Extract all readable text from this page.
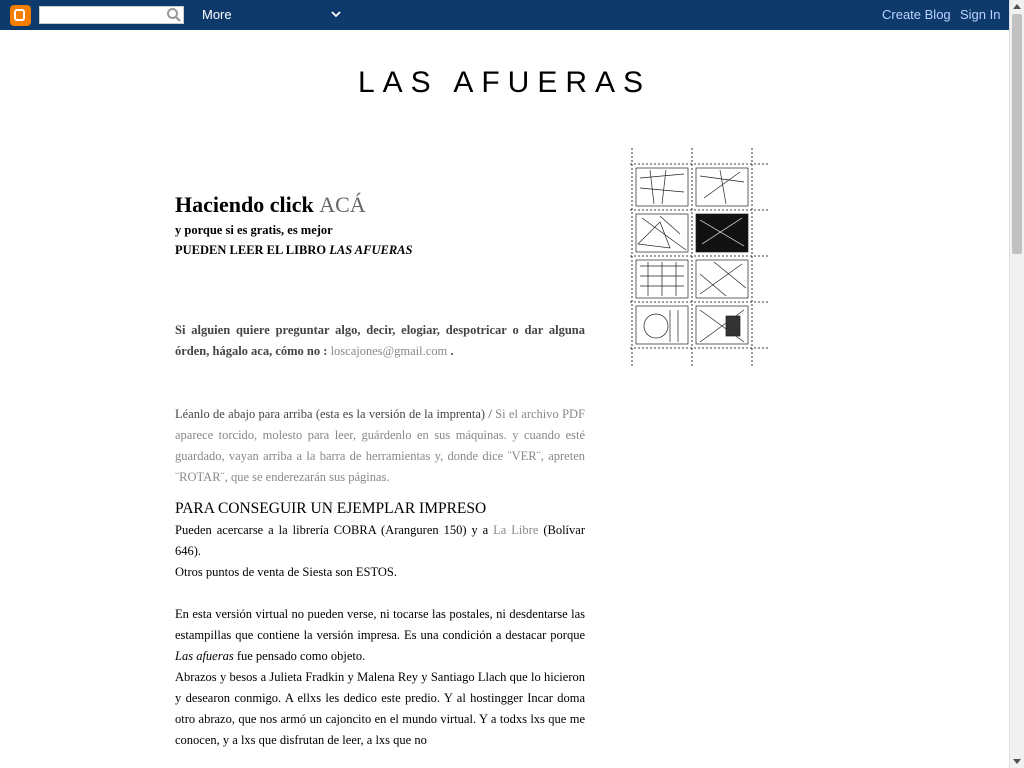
More	Create Blog Sign In
LAS AFUERAS
Haciendo click ACÁ
y porque si es gratis, es mejor
PUEDEN LEER EL LIBRO LAS AFUERAS

Si alguien quiere preguntar algo, decir, elogiar, despotricar o dar alguna órden, hágalo aca, cómo no : loscajones@gmail.com .

Léanlo de abajo para arriba (esta es la versión de la imprenta) / Si el archivo PDF aparece torcido, molesto para leer, guárdenlo en sus máquinas. y cuando esté guardado, vayan arriba a la barra de herramientas y, donde dice ¨VER¨, apreten ¨ROTAR¨, que se enderezarán sus páginas.

PARA CONSEGUIR UN EJEMPLAR IMPRESO

Pueden acercarse a la librería COBRA (Aranguren 150) y a La Libre (Bolívar 646).

Otros puntos de venta de Siesta son ESTOS.

En esta versión virtual no pueden verse, ni tocarse las postales, ni desdentarse las estampillas que contiene la versión impresa. Es una condición a destacar porque Las afueras fue pensado como objeto.

Abrazos y besos a Julieta Fradkin y Malena Rey y Santiago Llach que lo hicieron y desearon conmigo. A ellxs les dedico este predio. Y al hostingger Incar doma otro abrazo, que nos armó un cajoncito en el mundo virtual. Y a todxs lxs que me conocen, y a lxs que disfrutan de leer, a lxs que no
